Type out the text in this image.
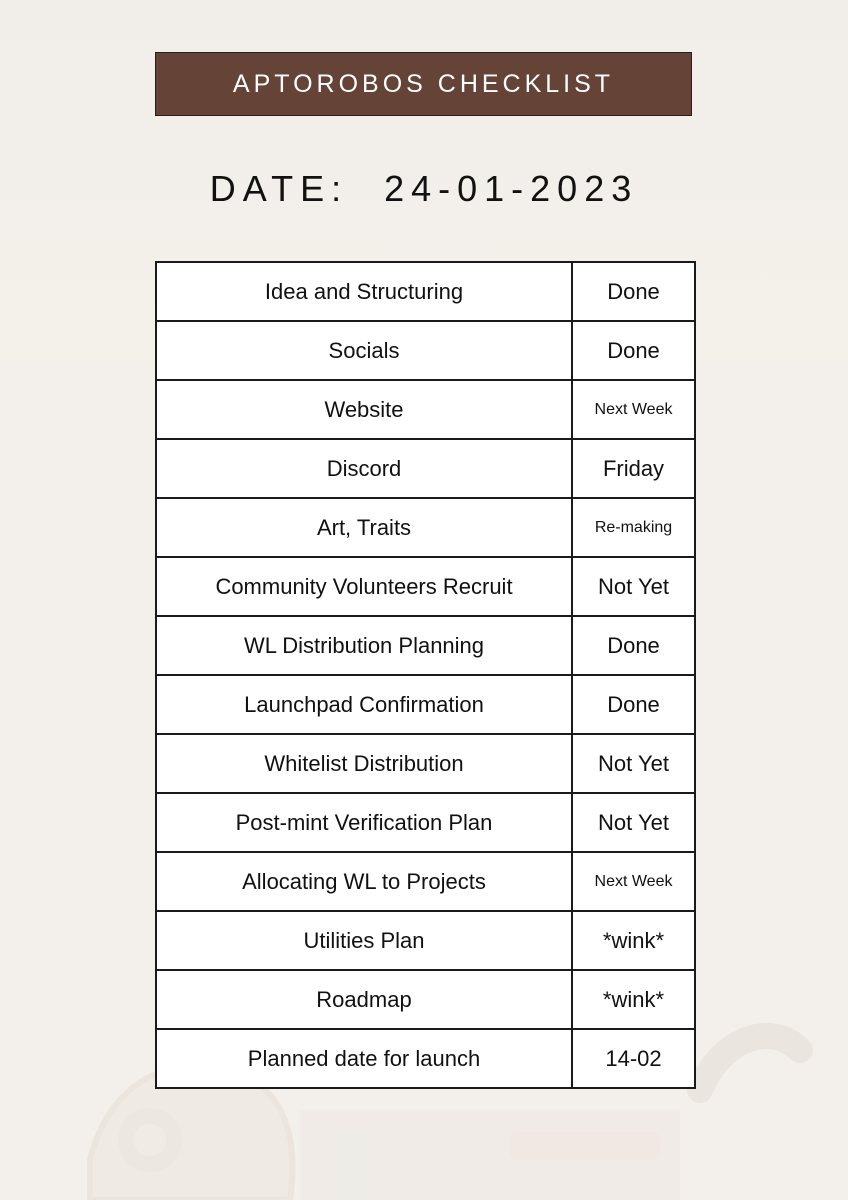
APTOROBOS CHECKLIST
DATE: 24-01-2023
Idea and Structuring	Done
Socials	Done
Website	Next Week
Discord	Friday
Art, Traits	Re-making
Community Volunteers Recruit	Not Yet
WL Distribution Planning	Done
Launchpad Confirmation	Done
Whitelist Distribution	Not Yet
Post-mint Verification Plan	Not Yet
Allocating WL to Projects	Next Week
Utilities Plan	*wink*
Roadmap	*wink*
Planned date for launch	14-02
